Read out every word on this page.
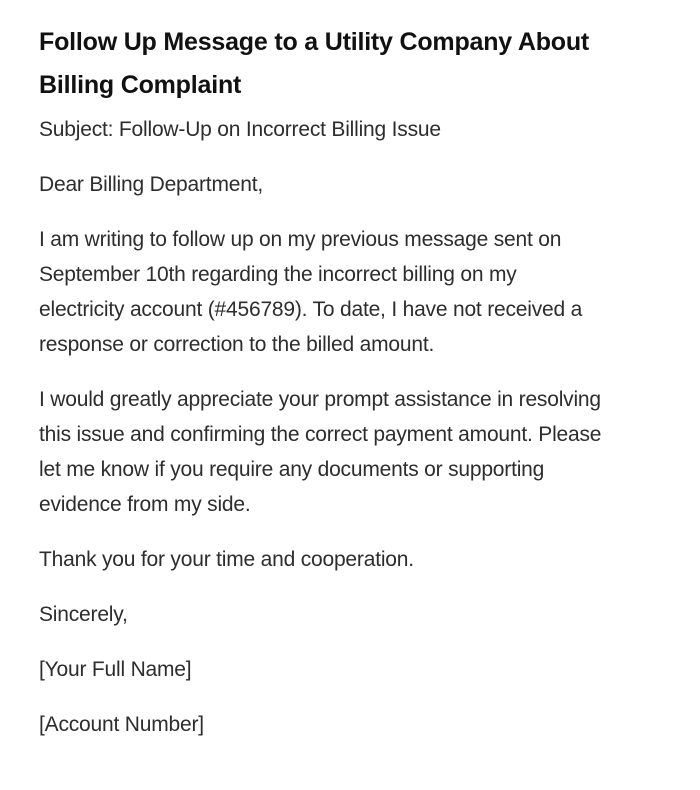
Follow Up Message to a Utility Company About Billing Complaint

Subject: Follow-Up on Incorrect Billing Issue

Dear Billing Department,

I am writing to follow up on my previous message sent on September 10th regarding the incorrect billing on my electricity account (#456789). To date, I have not received a response or correction to the billed amount.

I would greatly appreciate your prompt assistance in resolving this issue and confirming the correct payment amount. Please let me know if you require any documents or supporting evidence from my side.

Thank you for your time and cooperation.

Sincerely,

[Your Full Name]

[Account Number]
